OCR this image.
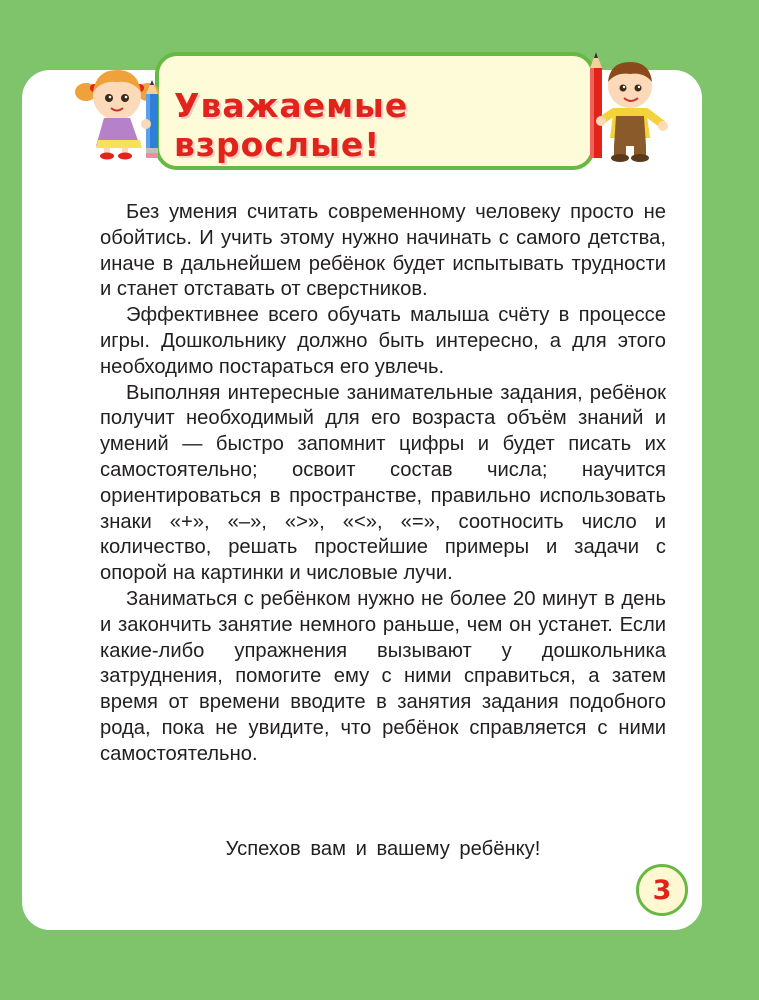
Уважаемые взрослые!

Без умения считать современному человеку просто не обойтись. И учить этому нужно начинать с самого детства, иначе в дальнейшем ребёнок будет испытывать трудности и станет отставать от сверстников.

Эффективнее всего обучать малыша счёту в процессе игры. Дошкольнику должно быть интересно, а для этого необходимо постараться его увлечь.

Выполняя интересные занимательные задания, ребёнок получит необходимый для его возраста объём знаний и умений — быстро запомнит цифры и будет писать их самостоятельно; освоит состав числа; научится ориентироваться в пространстве, правильно использовать знаки «+», «–», «>», «<», «=», соотносить число и количество, решать простейшие примеры и задачи с опорой на картинки и числовые лучи.

Заниматься с ребёнком нужно не более 20 минут в день и закончить занятие немного раньше, чем он устанет. Если какие-либо упражнения вызывают у дошкольника затруднения, помогите ему с ними справиться, а затем время от времени вводите в занятия задания подобного рода, пока не увидите, что ребёнок справляется с ними самостоятельно.

Успехов вам и вашему ребёнку!
3
